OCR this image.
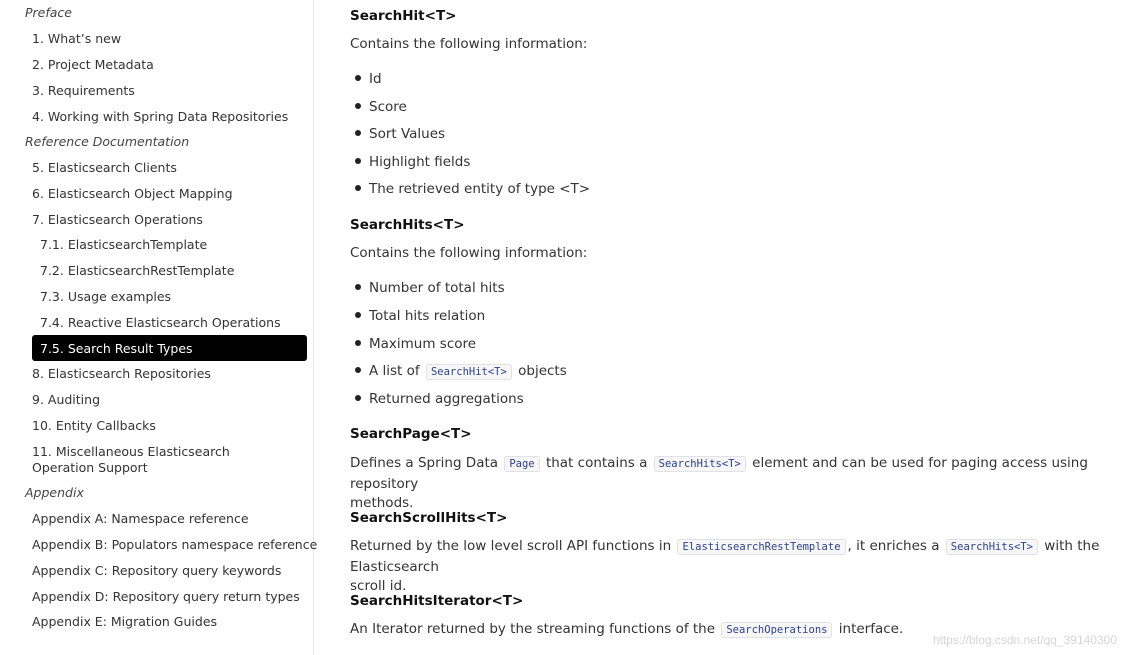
Preface
1. What’s new
2. Project Metadata
3. Requirements
4. Working with Spring Data Repositories
Reference Documentation
5. Elasticsearch Clients
6. Elasticsearch Object Mapping
7. Elasticsearch Operations
7.1. ElasticsearchTemplate
7.2. ElasticsearchRestTemplate
7.3. Usage examples
7.4. Reactive Elasticsearch Operations
7.5. Search Result Types
8. Elasticsearch Repositories
9. Auditing
10. Entity Callbacks
11. Miscellaneous Elasticsearch Operation Support
Appendix
Appendix A: Namespace reference
Appendix B: Populators namespace reference
Appendix C: Repository query keywords
Appendix D: Repository query return types
Appendix E: Migration Guides
SearchHit<T>
Contains the following information:
Id
Score
Sort Values
Highlight fields
The retrieved entity of type <T>
SearchHits<T>
Contains the following information:
Number of total hits
Total hits relation
Maximum score
A list of SearchHit<T> objects
Returned aggregations
SearchPage<T>
Defines a Spring Data Page that contains a SearchHits<T> element and can be used for paging access using repository
methods.
SearchScrollHits<T>
Returned by the low level scroll API functions in ElasticsearchRestTemplate , it enriches a SearchHits<T> with the Elasticsearch
scroll id.
SearchHitsIterator<T>
An Iterator returned by the streaming functions of the SearchOperations interface.
https://blog.csdn.net/qq_39140300
